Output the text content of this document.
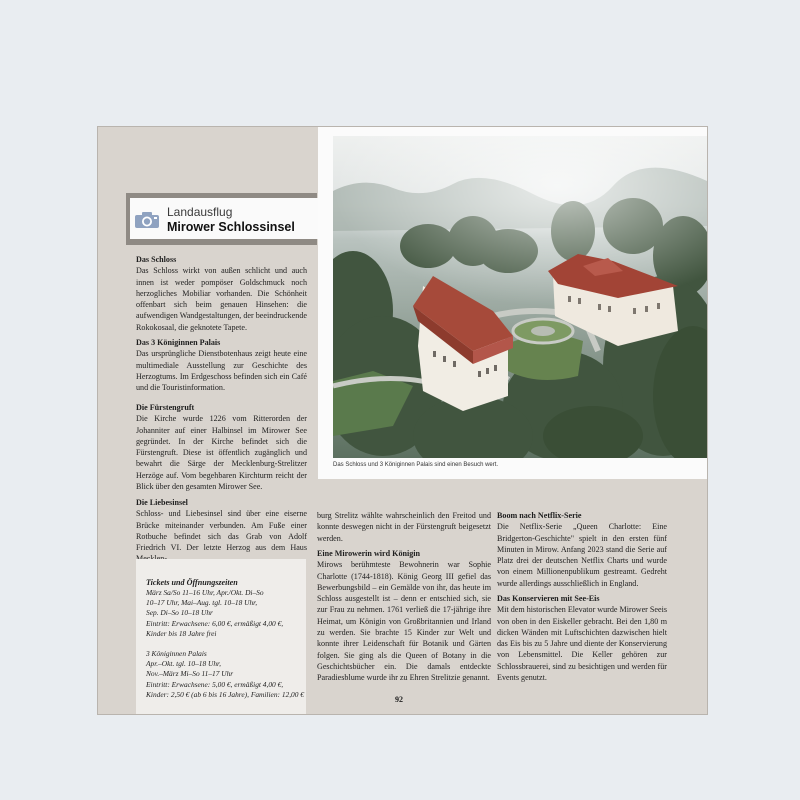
Das Schloss und 3 Königinnen Palais sind einen Besuch wert.
Landausflug
Mirower Schlossinsel
Das Schloss

Das Schloss wirkt von außen schlicht und auch innen ist weder pompöser Goldschmuck noch herzogliches Mobiliar vorhanden. Die Schönheit offenbart sich beim genauen Hinsehen: die aufwendigen Wandgestaltungen, der beeindruckende Rokokosaal, die geknotete Tapete.

Das 3 Königinnen Palais

Das ursprüngliche Dienstbotenhaus zeigt heute eine multimediale Ausstellung zur Geschichte des Herzogtums. Im Erdgeschoss befinden sich ein Café und die Touristinformation.

Die Fürstengruft

Die Kirche wurde 1226 vom Ritterorden der Johanniter auf einer Halbinsel im Mirower See gegründet. In der Kirche befindet sich die Fürstengruft. Diese ist öffentlich zugänglich und bewahrt die Särge der Mecklenburg-Strelitzer Herzöge auf. Vom begehbaren Kirchturm reicht der Blick über den gesamten Mirower See.

Die Liebesinsel

Schloss- und Liebesinsel sind über eine eiserne Brücke miteinander verbunden. Am Fuße einer Rotbuche befindet sich das Grab von Adolf Friedrich VI. Der letzte Herzog aus dem Haus

Tickets und Öffnungszeiten

März Sa/So 11–16 Uhr, Apr./Okt. Di–So

10–17 Uhr, Mai–Aug. tgl. 10–18 Uhr,

Sep. Di–So 10–18 Uhr

Eintritt: Erwachsene: 6,00 €, ermäßigt 4,00 €,

Kinder bis 18 Jahre frei

3 Königinnen Palais

Apr.–Okt. tgl. 10–18 Uhr,

Nov.–März Mi–So 11–17 Uhr

Eintritt: Erwachsene: 5,00 €, ermäßigt 4,00 €,

Kinder: 2,50 € (ab 6 bis 16 Jahre), Familien: 12,00 €

burg Strelitz wählte wahrscheinlich den Freitod und konnte deswegen nicht in der Fürstengruft beigesetzt werden.

Eine Mirowerin wird Königin

Mirows berühmteste Bewohnerin war Sophie Charlotte (1744-1818). König Georg III gefiel das Bewerbungsbild – ein Gemälde von ihr, das heute im Schloss ausgestellt ist – denn er entschied sich, sie zur Frau zu nehmen. 1761 verließ die 17-jährige ihre Heimat, um Königin von Großbritannien und Irland zu werden. Sie brachte 15 Kinder zur Welt und konnte ihrer Leidenschaft für Botanik und Gärten folgen. Sie ging als die Queen of Botany in die Geschichtsbücher ein. Die damals entdeckte Paradiesblume wurde ihr zu Ehren Strelitzie genannt.

Boom nach Netflix-Serie

Die Netflix-Serie „Queen Charlotte: Eine Bridgerton-Geschichte" spielt in den ersten fünf Minuten in Mirow. Anfang 2023 stand die Serie auf Platz drei der deutschen Netflix Charts und wurde von einem Millionenpublikum gestreamt. Gedreht wurde allerdings ausschließlich in England.

Das Konservieren mit See-Eis

Mit dem historischen Elevator wurde Mirower Seeis von oben in den Eiskeller gebracht. Bei den 1,80 m dicken Wänden mit Luftschichten dazwischen hielt das Eis bis zu 5 Jahre und diente der Konservierung von Lebensmittel. Die Keller gehören zur Schlossbrauerei, sind zu besichtigen und werden für Events genutzt.

92
